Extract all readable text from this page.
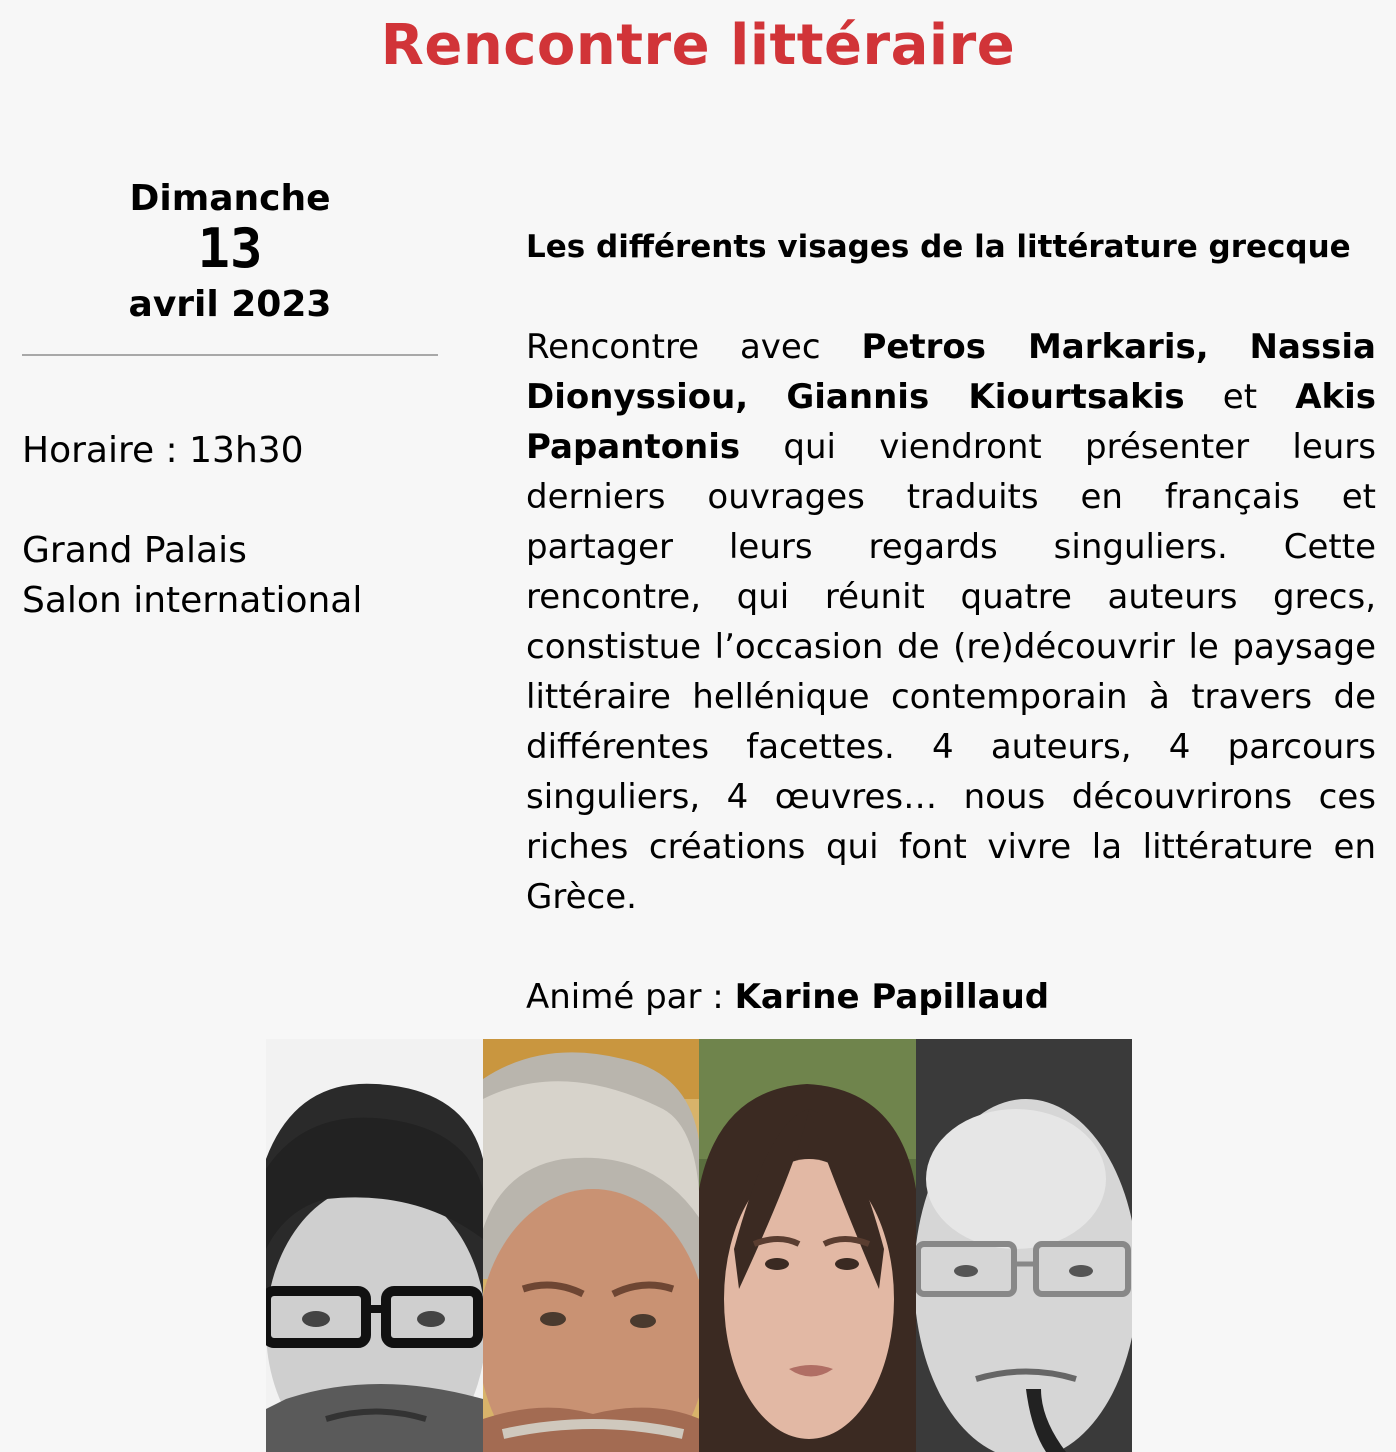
Rencontre littéraire
Dimanche
13
avril 2023
Horaire : 13h30
Grand Palais
Salon international
Les différents visages de la littérature grecque
Rencontre avec Petros Markaris, Nassia Dionyssiou, Giannis Kiourtsakis et Akis Papantonis qui viendront présenter leurs derniers ouvrages traduits en français et partager leurs regards singuliers. Cette rencontre, qui réunit quatre auteurs grecs, constistue l’occasion de (re)découvrir le paysage littéraire hellénique contemporain à travers de différentes facettes. 4 auteurs, 4 parcours singuliers, 4 œuvres… nous découvrirons ces riches créations qui font vivre la littérature en Grèce.
Animé par : Karine Papillaud
